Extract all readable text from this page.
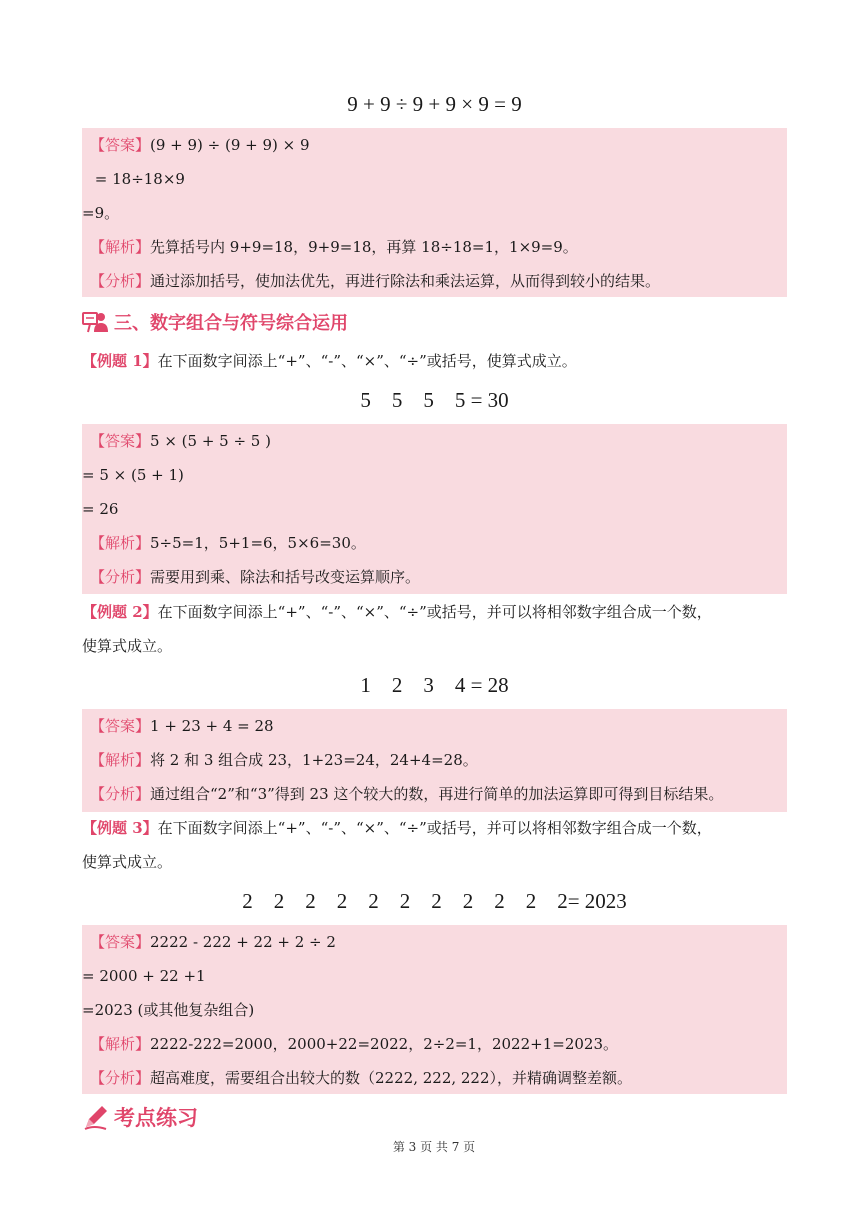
9 + 9 ÷ 9 + 9 × 9 = 9
【答案】(9 + 9) ÷ (9 + 9) × 9
= 18÷18×9
=9。
【解析】先算括号内 9+9=18，9+9=18，再算 18÷18=1，1×9=9。
【分析】通过添加括号，使加法优先，再进行除法和乘法运算，从而得到较小的结果。
三、数字组合与符号综合运用
【例题 1】在下面数字间添上“+”、“-”、“×”、“÷”或括号，使算式成立。
5    5    5    5 = 30
【答案】5 × (5 + 5 ÷ 5 )
= 5 × (5 + 1)
= 26
【解析】5÷5=1，5+1=6，5×6=30。
【分析】需要用到乘、除法和括号改变运算顺序。
【例题 2】在下面数字间添上“+”、“-”、“×”、“÷”或括号，并可以将相邻数字组合成一个数，
使算式成立。
1    2    3    4 = 28
【答案】1 + 23 + 4 = 28
【解析】将 2 和 3 组合成 23，1+23=24，24+4=28。
【分析】通过组合“2”和“3”得到 23 这个较大的数，再进行简单的加法运算即可得到目标结果。
【例题 3】在下面数字间添上“+”、“-”、“×”、“÷”或括号，并可以将相邻数字组合成一个数，
使算式成立。
2    2    2    2    2    2    2    2    2    2    2= 2023
【答案】2222 - 222 + 22 + 2 ÷ 2
= 2000 + 22 +1
=2023 (或其他复杂组合)
【解析】2222-222=2000，2000+22=2022，2÷2=1，2022+1=2023。
【分析】超高难度，需要组合出较大的数（2222, 222, 222），并精确调整差额。
考点练习
第 3 页 共 7 页
